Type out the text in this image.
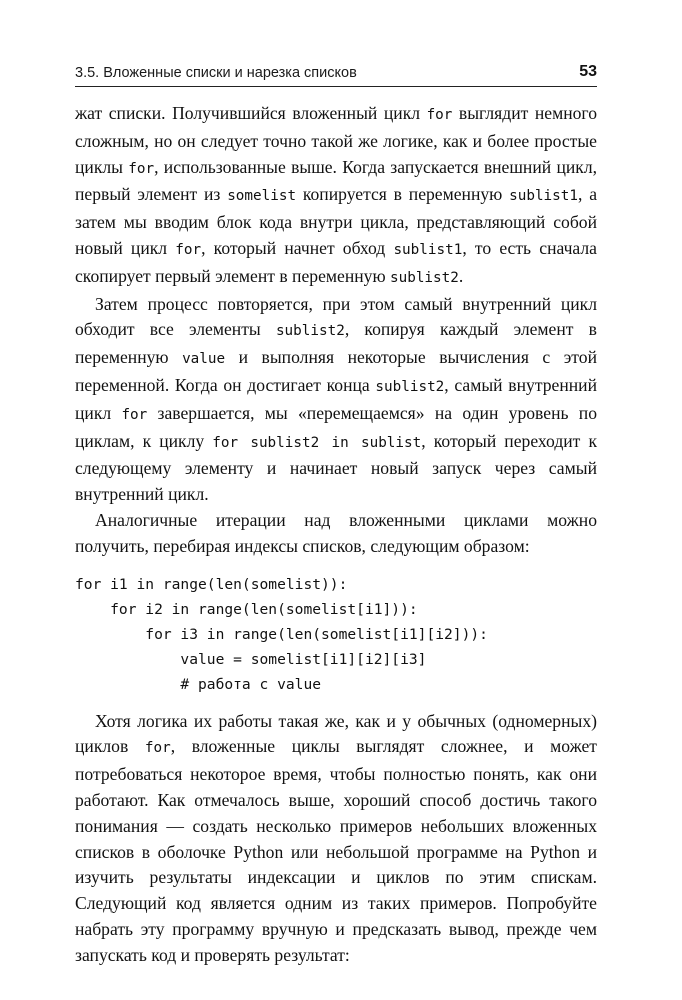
3.5. Вложенные списки и нарезка списков	53

жат списки. Получившийся вложенный цикл for выглядит немного сложным, но он следует точно такой же логике, как и более простые циклы for, использованные выше. Когда запускается внешний цикл, первый элемент из somelist копируется в переменную sublist1, а затем мы вводим блок кода внутри цикла, представляющий собой новый цикл for, который начнет обход sublist1, то есть сначала скопирует первый элемент в переменную sublist2.

Затем процесс повторяется, при этом самый внутренний цикл обходит все элементы sublist2, копируя каждый элемент в переменную value и выполняя некоторые вычисления с этой переменной. Когда он достигает конца sublist2, самый внутренний цикл for завершается, мы «перемещаемся» на один уровень по циклам, к циклу for sublist2 in sublist, который переходит к следующему элементу и начинает новый запуск через самый внутренний цикл.

Аналогичные итерации над вложенными циклами можно получить, перебирая индексы списков, следующим образом:

for i1 in range(len(somelist)):
for i2 in range(len(somelist[i1])):
for i3 in range(len(somelist[i1][i2])):
value = somelist[i1][i2][i3]
# работа с value

Хотя логика их работы такая же, как и у обычных (одномерных) циклов for, вложенные циклы выглядят сложнее, и может потребоваться некоторое время, чтобы полностью понять, как они работают. Как отмечалось выше, хороший способ достичь такого понимания — создать несколько примеров небольших вложенных списков в оболочке Python или небольшой программе на Python и изучить результаты индексации и циклов по этим спискам. Следующий код является одним из таких примеров. Попробуйте набрать эту программу вручную и предсказать вывод, прежде чем запускать код и проверять результат:
